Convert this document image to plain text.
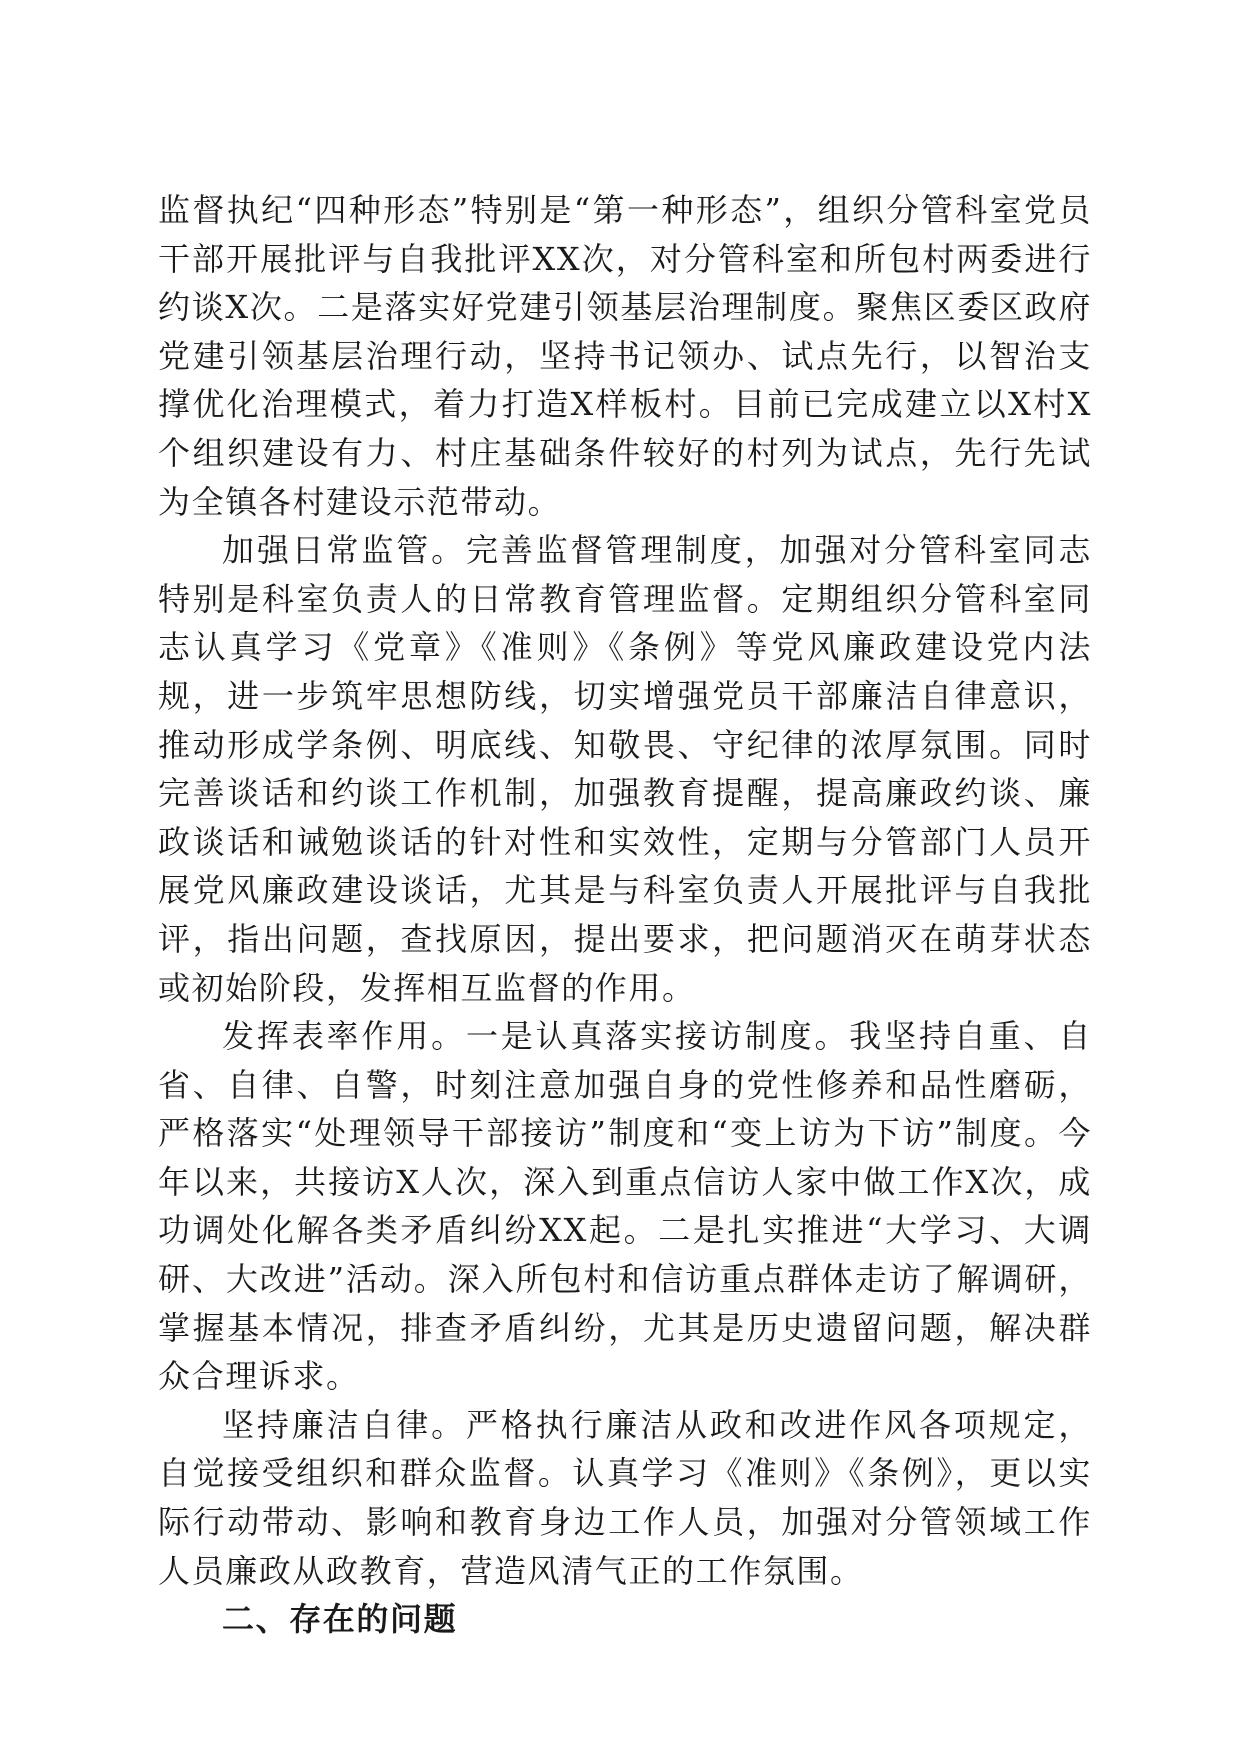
监督执纪“四种形态”特别是“第一种形态”，组织分管科室党员干部开展批评与自我批评XX次，对分管科室和所包村两委进行约谈X次。二是落实好党建引领基层治理制度。聚焦区委区政府党建引领基层治理行动，坚持书记领办、试点先行，以智治支撑优化治理模式，着力打造X样板村。目前已完成建立以X村X个组织建设有力、村庄基础条件较好的村列为试点，先行先试为全镇各村建设示范带动。

加强日常监管。完善监督管理制度，加强对分管科室同志特别是科室负责人的日常教育管理监督。定期组织分管科室同志认真学习《党章》《准则》《条例》等党风廉政建设党内法规，进一步筑牢思想防线，切实增强党员干部廉洁自律意识，推动形成学条例、明底线、知敬畏、守纪律的浓厚氛围。同时完善谈话和约谈工作机制，加强教育提醒，提高廉政约谈、廉政谈话和诫勉谈话的针对性和实效性，定期与分管部门人员开展党风廉政建设谈话，尤其是与科室负责人开展批评与自我批评，指出问题，查找原因，提出要求，把问题消灭在萌芽状态或初始阶段，发挥相互监督的作用。

发挥表率作用。一是认真落实接访制度。我坚持自重、自省、自律、自警，时刻注意加强自身的党性修养和品性磨砺，严格落实“处理领导干部接访”制度和“变上访为下访”制度。今年以来，共接访X人次，深入到重点信访人家中做工作X次，成功调处化解各类矛盾纠纷XX起。二是扎实推进“大学习、大调研、大改进”活动。深入所包村和信访重点群体走访了解调研，掌握基本情况，排查矛盾纠纷，尤其是历史遗留问题，解决群众合理诉求。

坚持廉洁自律。严格执行廉洁从政和改进作风各项规定，自觉接受组织和群众监督。认真学习《准则》《条例》，更以实际行动带动、影响和教育身边工作人员，加强对分管领域工作人员廉政从政教育，营造风清气正的工作氛围。

二、存在的问题
